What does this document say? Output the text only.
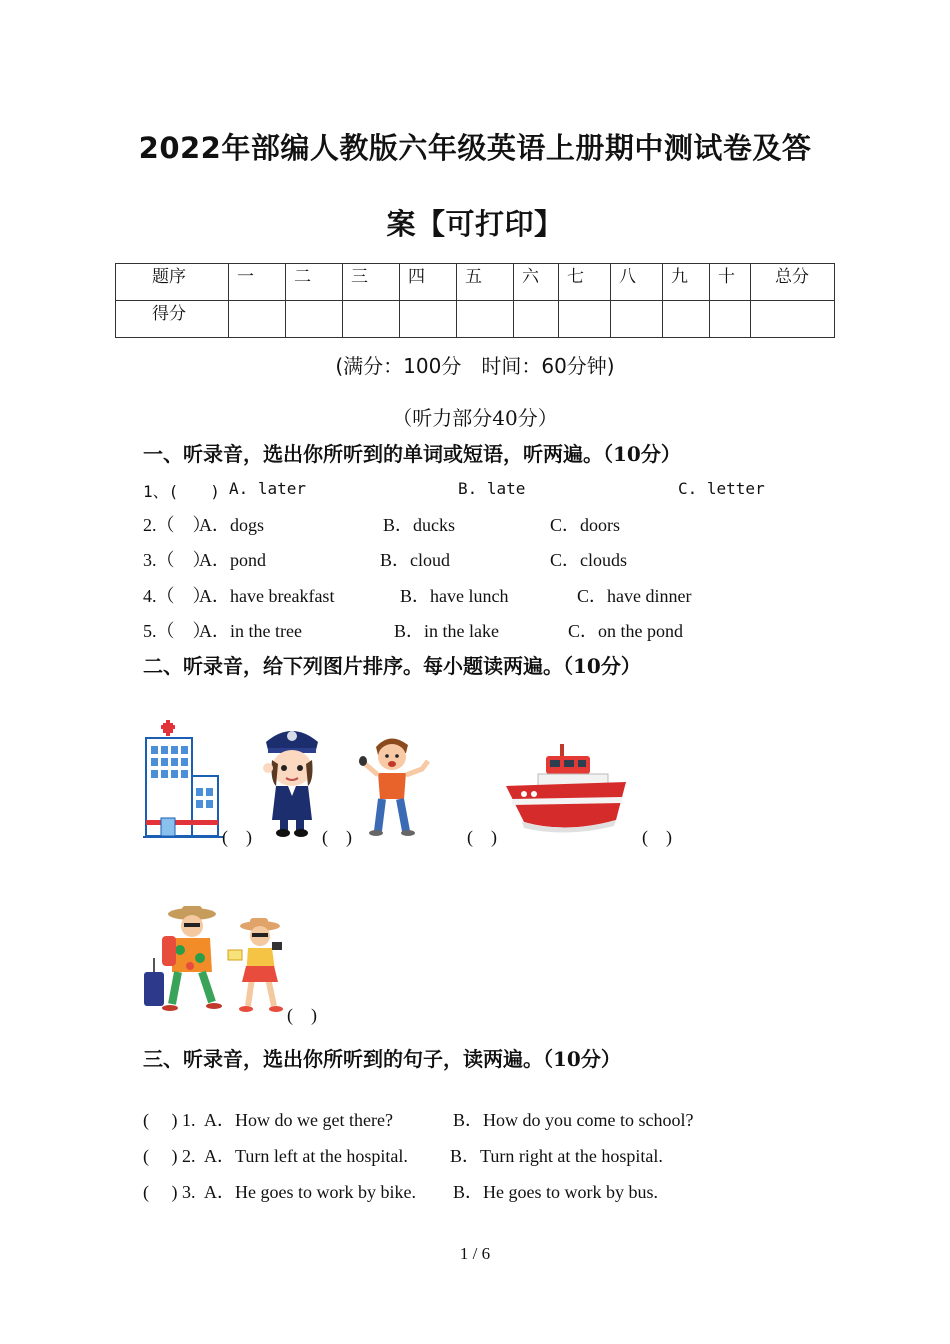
2022年部编人教版六年级英语上册期中测试卷及答
案【可打印】
题序	一	二	三	四	五	六	七	八	九	十	总分
得分											
(满分：100分　时间：60分钟)
（听力部分40分）
一、听录音，选出你所听到的单词或短语，听两遍。（10分）
1、(　　) A. later	B. late	C. letter
2.（　）
A．dogs	B．ducks	C．doors
3.（　）
A．pond	B．cloud	C．clouds
4.（　）
A．have breakfast	B．have lunch	C．have dinner
5.（　）
A．in the tree	B．in the lake	C．on the pond
二、听录音，给下列图片排序。每小题读两遍。（10分）
(　)	(　)	(　)	(　)
(　)
三、听录音，选出你所听到的句子，读两遍。（10分）
(　 ) 1. A．How do we get there?	B．How do you come to school?
(　 ) 2. A．Turn left at the hospital. B．Turn right at the hospital.
(　 ) 3. A．He goes to work by bike. B．He goes to work by bus.
1 / 6
